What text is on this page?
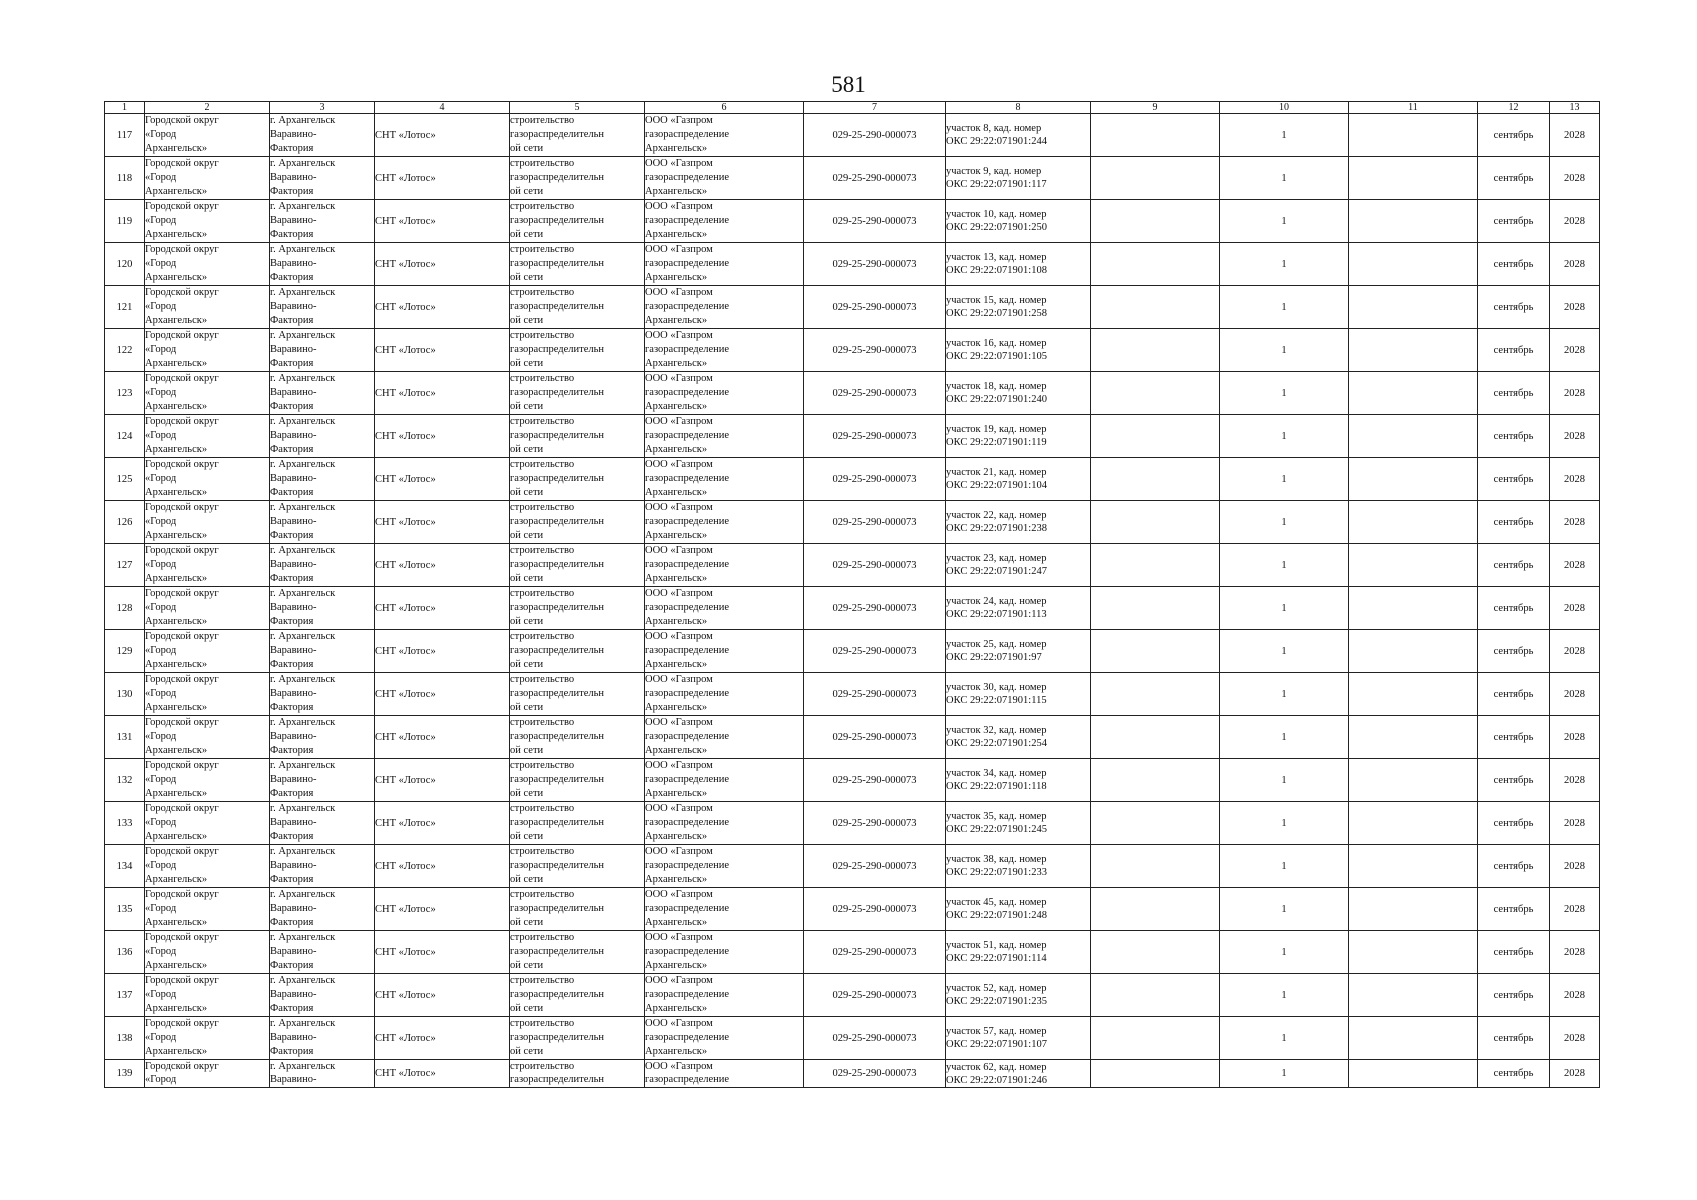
581
1	2	3	4	5	6	7	8	9	10	11	12	13
117	Городской округ
«Город
Архангельск»	г. Архангельск
Варавино-
Фактория	СНТ «Лотос»	строительство
газораспределительн
ой сети	ООО «Газпром
газораспределение
Архангельск»	029-25-290-000073	участок 8, кад. номер
ОКС 29:22:071901:244		1		сентябрь	2028
118	Городской округ
«Город
Архангельск»	г. Архангельск
Варавино-
Фактория	СНТ «Лотос»	строительство
газораспределительн
ой сети	ООО «Газпром
газораспределение
Архангельск»	029-25-290-000073	участок 9, кад. номер
ОКС 29:22:071901:117		1		сентябрь	2028
119	Городской округ
«Город
Архангельск»	г. Архангельск
Варавино-
Фактория	СНТ «Лотос»	строительство
газораспределительн
ой сети	ООО «Газпром
газораспределение
Архангельск»	029-25-290-000073	участок 10, кад. номер
ОКС 29:22:071901:250		1		сентябрь	2028
120	Городской округ
«Город
Архангельск»	г. Архангельск
Варавино-
Фактория	СНТ «Лотос»	строительство
газораспределительн
ой сети	ООО «Газпром
газораспределение
Архангельск»	029-25-290-000073	участок 13, кад. номер
ОКС 29:22:071901:108		1		сентябрь	2028
121	Городской округ
«Город
Архангельск»	г. Архангельск
Варавино-
Фактория	СНТ «Лотос»	строительство
газораспределительн
ой сети	ООО «Газпром
газораспределение
Архангельск»	029-25-290-000073	участок 15, кад. номер
ОКС 29:22:071901:258		1		сентябрь	2028
122	Городской округ
«Город
Архангельск»	г. Архангельск
Варавино-
Фактория	СНТ «Лотос»	строительство
газораспределительн
ой сети	ООО «Газпром
газораспределение
Архангельск»	029-25-290-000073	участок 16, кад. номер
ОКС 29:22:071901:105		1		сентябрь	2028
123	Городской округ
«Город
Архангельск»	г. Архангельск
Варавино-
Фактория	СНТ «Лотос»	строительство
газораспределительн
ой сети	ООО «Газпром
газораспределение
Архангельск»	029-25-290-000073	участок 18, кад. номер
ОКС 29:22:071901:240		1		сентябрь	2028
124	Городской округ
«Город
Архангельск»	г. Архангельск
Варавино-
Фактория	СНТ «Лотос»	строительство
газораспределительн
ой сети	ООО «Газпром
газораспределение
Архангельск»	029-25-290-000073	участок 19, кад. номер
ОКС 29:22:071901:119		1		сентябрь	2028
125	Городской округ
«Город
Архангельск»	г. Архангельск
Варавино-
Фактория	СНТ «Лотос»	строительство
газораспределительн
ой сети	ООО «Газпром
газораспределение
Архангельск»	029-25-290-000073	участок 21, кад. номер
ОКС 29:22:071901:104		1		сентябрь	2028
126	Городской округ
«Город
Архангельск»	г. Архангельск
Варавино-
Фактория	СНТ «Лотос»	строительство
газораспределительн
ой сети	ООО «Газпром
газораспределение
Архангельск»	029-25-290-000073	участок 22, кад. номер
ОКС 29:22:071901:238		1		сентябрь	2028
127	Городской округ
«Город
Архангельск»	г. Архангельск
Варавино-
Фактория	СНТ «Лотос»	строительство
газораспределительн
ой сети	ООО «Газпром
газораспределение
Архангельск»	029-25-290-000073	участок 23, кад. номер
ОКС 29:22:071901:247		1		сентябрь	2028
128	Городской округ
«Город
Архангельск»	г. Архангельск
Варавино-
Фактория	СНТ «Лотос»	строительство
газораспределительн
ой сети	ООО «Газпром
газораспределение
Архангельск»	029-25-290-000073	участок 24, кад. номер
ОКС 29:22:071901:113		1		сентябрь	2028
129	Городской округ
«Город
Архангельск»	г. Архангельск
Варавино-
Фактория	СНТ «Лотос»	строительство
газораспределительн
ой сети	ООО «Газпром
газораспределение
Архангельск»	029-25-290-000073	участок 25, кад. номер
ОКС 29:22:071901:97		1		сентябрь	2028
130	Городской округ
«Город
Архангельск»	г. Архангельск
Варавино-
Фактория	СНТ «Лотос»	строительство
газораспределительн
ой сети	ООО «Газпром
газораспределение
Архангельск»	029-25-290-000073	участок 30, кад. номер
ОКС 29:22:071901:115		1		сентябрь	2028
131	Городской округ
«Город
Архангельск»	г. Архангельск
Варавино-
Фактория	СНТ «Лотос»	строительство
газораспределительн
ой сети	ООО «Газпром
газораспределение
Архангельск»	029-25-290-000073	участок 32, кад. номер
ОКС 29:22:071901:254		1		сентябрь	2028
132	Городской округ
«Город
Архангельск»	г. Архангельск
Варавино-
Фактория	СНТ «Лотос»	строительство
газораспределительн
ой сети	ООО «Газпром
газораспределение
Архангельск»	029-25-290-000073	участок 34, кад. номер
ОКС 29:22:071901:118		1		сентябрь	2028
133	Городской округ
«Город
Архангельск»	г. Архангельск
Варавино-
Фактория	СНТ «Лотос»	строительство
газораспределительн
ой сети	ООО «Газпром
газораспределение
Архангельск»	029-25-290-000073	участок 35, кад. номер
ОКС 29:22:071901:245		1		сентябрь	2028
134	Городской округ
«Город
Архангельск»	г. Архангельск
Варавино-
Фактория	СНТ «Лотос»	строительство
газораспределительн
ой сети	ООО «Газпром
газораспределение
Архангельск»	029-25-290-000073	участок 38, кад. номер
ОКС 29:22:071901:233		1		сентябрь	2028
135	Городской округ
«Город
Архангельск»	г. Архангельск
Варавино-
Фактория	СНТ «Лотос»	строительство
газораспределительн
ой сети	ООО «Газпром
газораспределение
Архангельск»	029-25-290-000073	участок 45, кад. номер
ОКС 29:22:071901:248		1		сентябрь	2028
136	Городской округ
«Город
Архангельск»	г. Архангельск
Варавино-
Фактория	СНТ «Лотос»	строительство
газораспределительн
ой сети	ООО «Газпром
газораспределение
Архангельск»	029-25-290-000073	участок 51, кад. номер
ОКС 29:22:071901:114		1		сентябрь	2028
137	Городской округ
«Город
Архангельск»	г. Архангельск
Варавино-
Фактория	СНТ «Лотос»	строительство
газораспределительн
ой сети	ООО «Газпром
газораспределение
Архангельск»	029-25-290-000073	участок 52, кад. номер
ОКС 29:22:071901:235		1		сентябрь	2028
138	Городской округ
«Город
Архангельск»	г. Архангельск
Варавино-
Фактория	СНТ «Лотос»	строительство
газораспределительн
ой сети	ООО «Газпром
газораспределение
Архангельск»	029-25-290-000073	участок 57, кад. номер
ОКС 29:22:071901:107		1		сентябрь	2028
139	Городской округ
«Город	г. Архангельск
Варавино-	СНТ «Лотос»	строительство
газораспределительн	ООО «Газпром
газораспределение	029-25-290-000073	участок 62, кад. номер
ОКС 29:22:071901:246		1		сентябрь	2028
